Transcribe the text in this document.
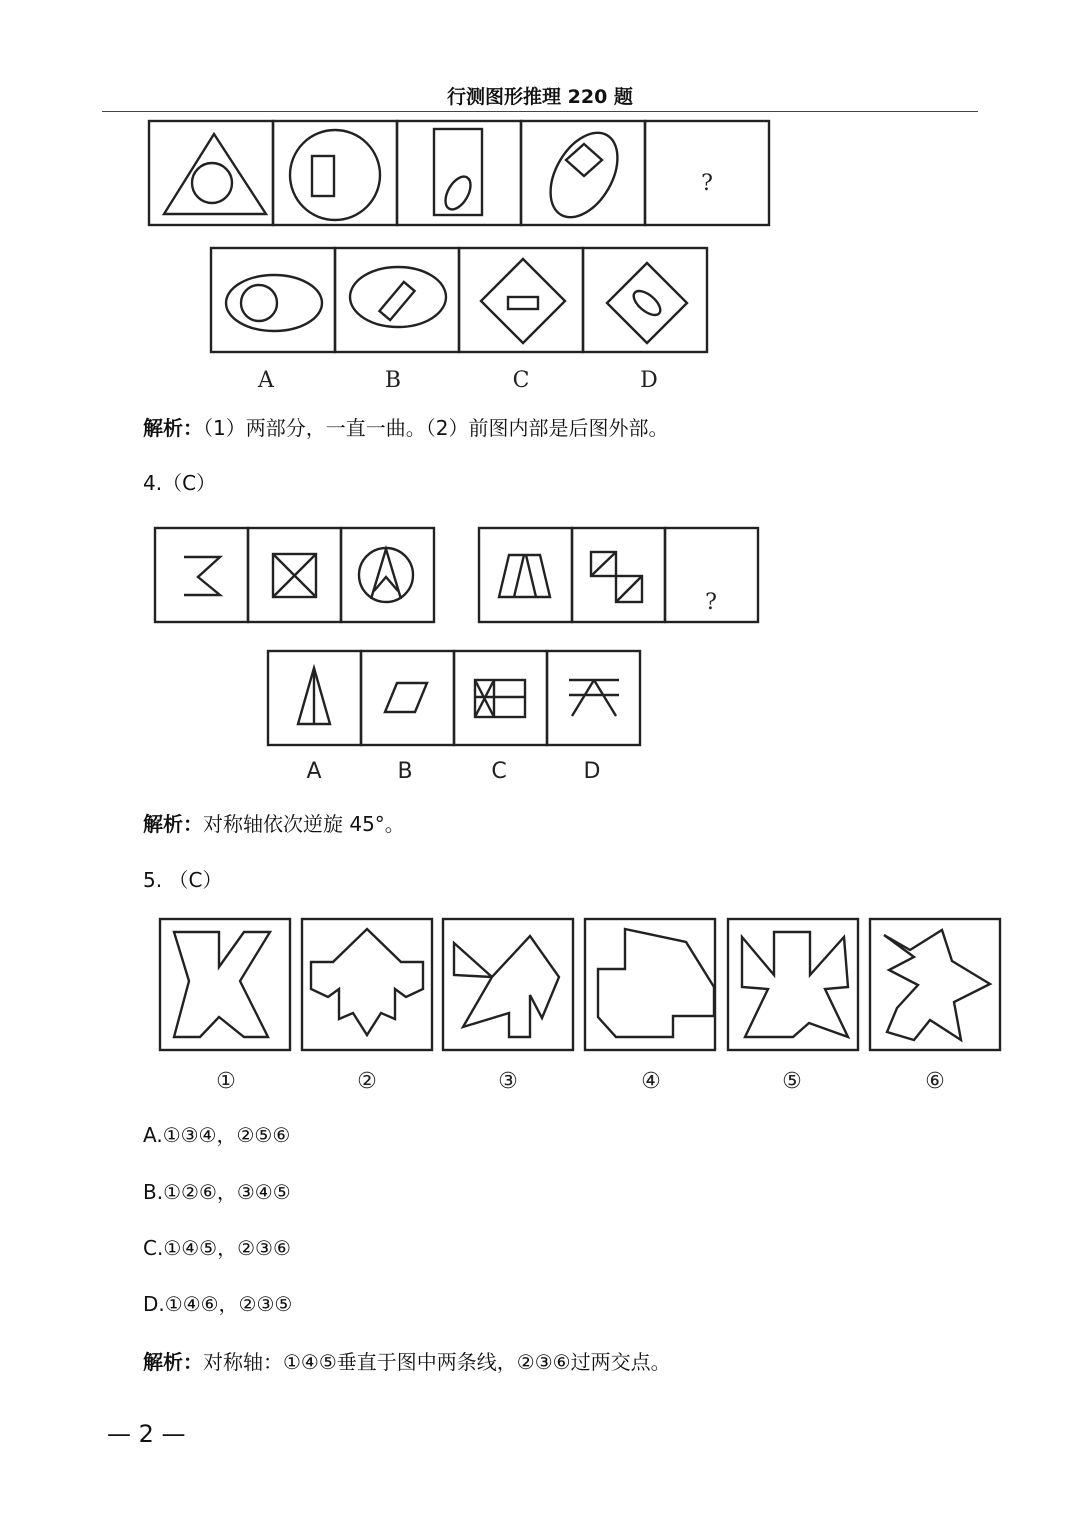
行测图形推理 220 题
?
A	B	C	D
解析：（1）两部分，一直一曲。（2）前图内部是后图外部。
4.（C）
?
A	B	C	D
解析：对称轴依次逆旋 45°。
5. （C）
①	②	③	④	⑤	⑥
A.①③④，②⑤⑥
B.①②⑥，③④⑤
C.①④⑤，②③⑥
D.①④⑥，②③⑤
解析：对称轴：①④⑤垂直于图中两条线，②③⑥过两交点。
— 2 —
